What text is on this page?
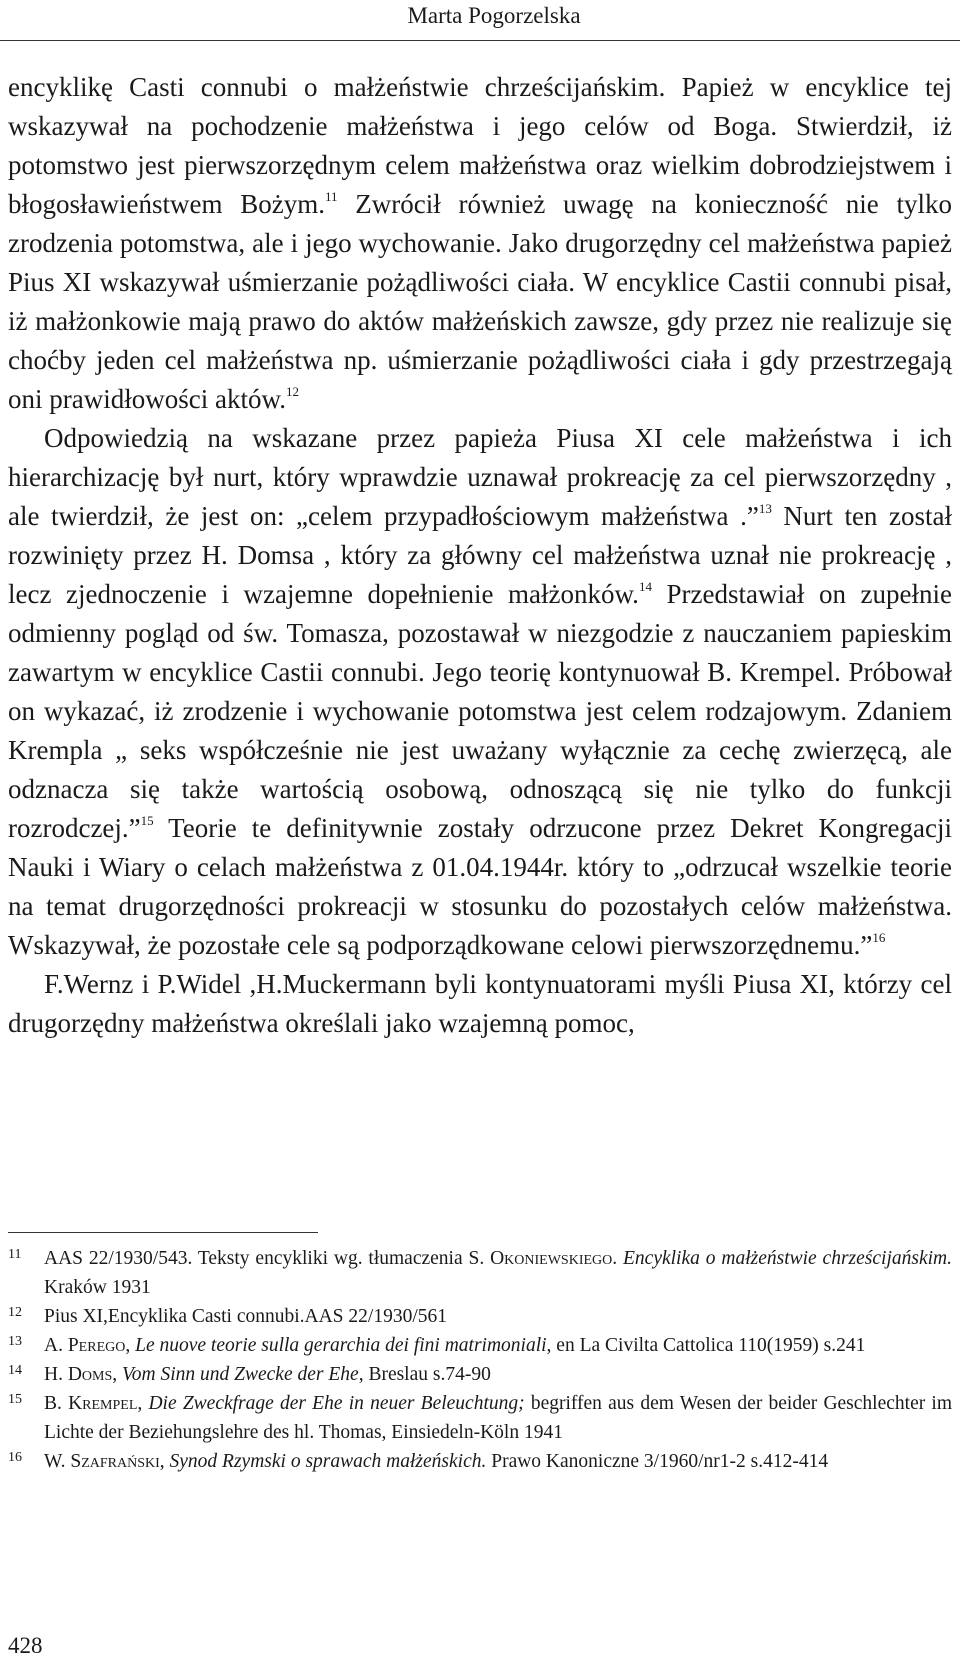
Marta Pogorzelska

encyklikę Casti connubi o małżeństwie chrześcijańskim. Papież w encyklice tej wskazywał na pochodzenie małżeństwa i jego celów od Boga. Stwierdził, iż potomstwo jest pierwszorzędnym celem małżeństwa oraz wielkim dobrodziejstwem i błogosławieństwem Bożym.$^{11}$ Zwrócił również uwagę na konieczność nie tylko zrodzenia potomstwa, ale i jego wychowanie. Jako drugorzędny cel małżeństwa papież Pius XI wskazywał uśmierzanie pożądliwości ciała. W encyklice Castii connubi pisał, iż małżonkowie mają prawo do aktów małżeńskich zawsze, gdy przez nie realizuje się choćby jeden cel małżeństwa np. uśmierzanie pożądliwości ciała i gdy przestrzegają oni prawidłowości aktów.$^{12}$

Odpowiedzią na wskazane przez papieża Piusa XI cele małżeństwa i ich hierarchizację był nurt, który wprawdzie uznawał prokreację za cel pierwszorzędny , ale twierdził, że jest on: „celem przypadłościowym małżeństwa .”$^{13}$ Nurt ten został rozwinięty przez H. Domsa , który za główny cel małżeństwa uznał nie prokreację , lecz zjednoczenie i wzajemne dopełnienie małżonków.$^{14}$ Przedstawiał on zupełnie odmienny pogląd od św. Tomasza, pozostawał w niezgodzie z nauczaniem papieskim zawartym w encyklice Castii connubi. Jego teorię kontynuował B. Krempel. Próbował on wykazać, iż zrodzenie i wychowanie potomstwa jest celem rodzajowym. Zdaniem Krempla „ seks współcześnie nie jest uważany wyłącznie za cechę zwierzęcą, ale odznacza się także wartością osobową, odnoszącą się nie tylko do funkcji rozrodczej.”$^{15}$ Teorie te definitywnie zostały odrzucone przez Dekret Kongregacji Nauki i Wiary o celach małżeństwa z 01.04.1944r. który to „odrzucał wszelkie teorie na temat drugorzędności prokreacji w stosunku do pozostałych celów małżeństwa. Wskazywał, że pozostałe cele są podporządkowane celowi pierwszorzędnemu.”$^{16}$

F.Wernz i P.Widel ,H.Muckermann byli kontynuatorami myśli Piusa XI, którzy cel drugorzędny małżeństwa określali jako wzajemną pomoc,

11 AAS 22/1930/543. Teksty encykliki wg. tłumaczenia S. Okoniewskiego. Encyklika o małżeństwie chrześcijańskim. Kraków 1931
12 Pius XI,Encyklika Casti connubi.AAS 22/1930/561
13 A. Perego, Le nuove teorie sulla gerarchia dei fini matrimoniali, en La Civilta Cattolica 110(1959) s.241
14 H. Doms, Vom Sinn und Zwecke der Ehe, Breslau s.74-90
15 B. Krempel, Die Zweckfrage der Ehe in neuer Beleuchtung; begriffen aus dem Wesen der beider Geschlechter im Lichte der Beziehungslehre des hl. Thomas, Einsiedeln-Köln 1941
16 W. Szafrański, Synod Rzymski o sprawach małżeńskich. Prawo Kanoniczne 3/1960/nr1-2 s.412-414
428
